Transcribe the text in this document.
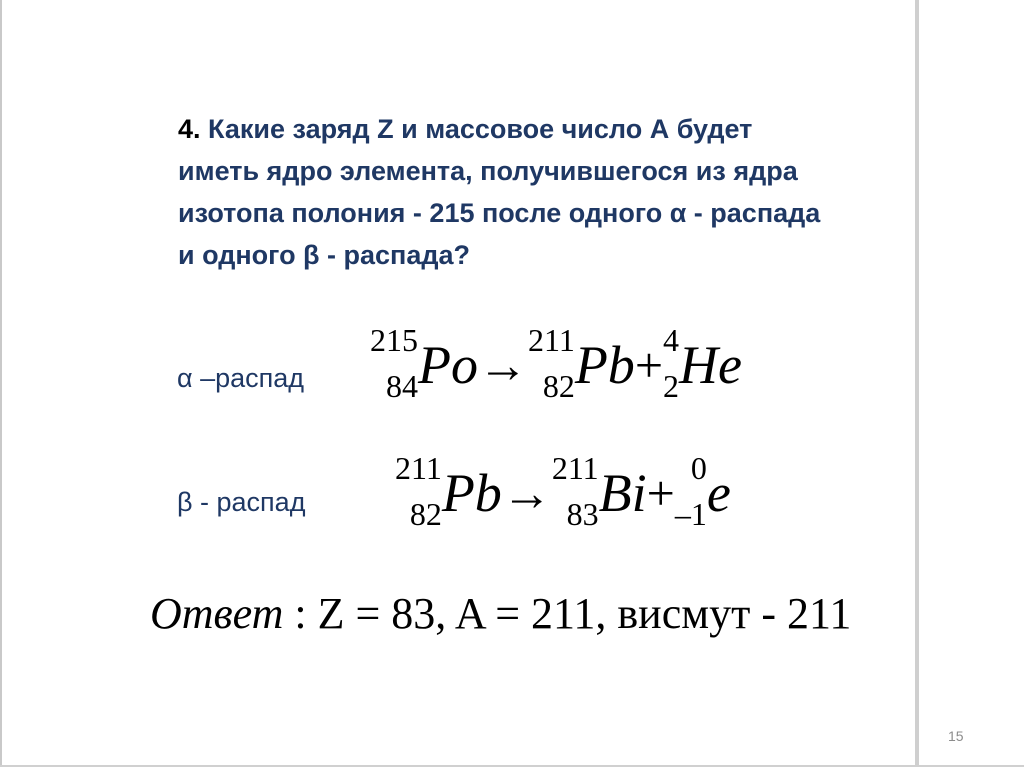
4. Какие заряд Z и массовое число А будет
иметь ядро элемента, получившегося из ядра
изотопа полония - 215 после одного α - распада
и одного β - распада?
α –распад
β - распад
215
84 Po→ 211
82 Pb+ 4
2 He
211
82 Pb→ 211
83 Bi+ 0
–1 e
Ответ : Z = 83, A = 211, висмут - 211
15
